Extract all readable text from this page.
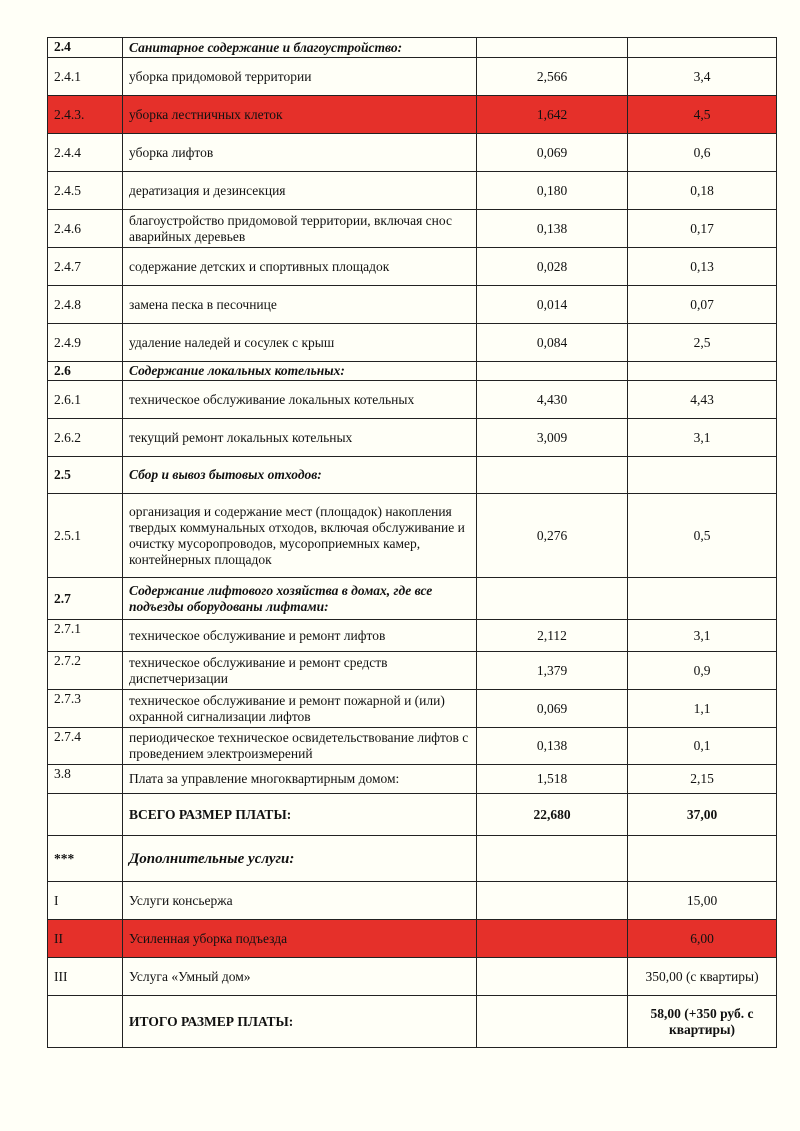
2.4	Санитарное содержание и благоустройство:		
2.4.1	уборка придомовой территории	2,566	3,4
2.4.3.	уборка лестничных клеток	1,642	4,5
2.4.4	уборка лифтов	0,069	0,6
2.4.5	дератизация и дезинсекция	0,180	0,18
2.4.6	благоустройство придомовой территории, включая снос аварийных деревьев	0,138	0,17
2.4.7	содержание детских и спортивных площадок	0,028	0,13
2.4.8	замена песка в песочнице	0,014	0,07
2.4.9	удаление наледей и сосулек с крыш	0,084	2,5
2.6	Содержание локальных котельных:		
2.6.1	техническое обслуживание локальных котельных	4,430	4,43
2.6.2	текущий ремонт локальных котельных	3,009	3,1
2.5	Сбор и вывоз бытовых отходов:		
2.5.1	организация и содержание мест (площадок) накопления твердых коммунальных отходов, включая обслуживание и очистку мусоропроводов, мусороприемных камер, контейнерных площадок	0,276	0,5
2.7	Содержание лифтового хозяйства в домах, где все подъезды оборудованы лифтами:		
2.7.1	техническое обслуживание и ремонт лифтов	2,112	3,1
2.7.2	техническое обслуживание и ремонт средств диспетчеризации	1,379	0,9
2.7.3	техническое обслуживание и ремонт пожарной и (или) охранной сигнализации лифтов	0,069	1,1
2.7.4	периодическое техническое освидетельствование лифтов с проведением электроизмерений	0,138	0,1
3.8	Плата за управление многоквартирным домом:	1,518	2,15
	ВСЕГО РАЗМЕР ПЛАТЫ:	22,680	37,00
***	Дополнительные услуги:		
I	Услуги консьержа		15,00
II	Усиленная уборка подъезда		6,00
III	Услуга «Умный дом»		350,00 (с квартиры)
	ИТОГО РАЗМЕР ПЛАТЫ:		58,00 (+350 руб. с квартиры)
